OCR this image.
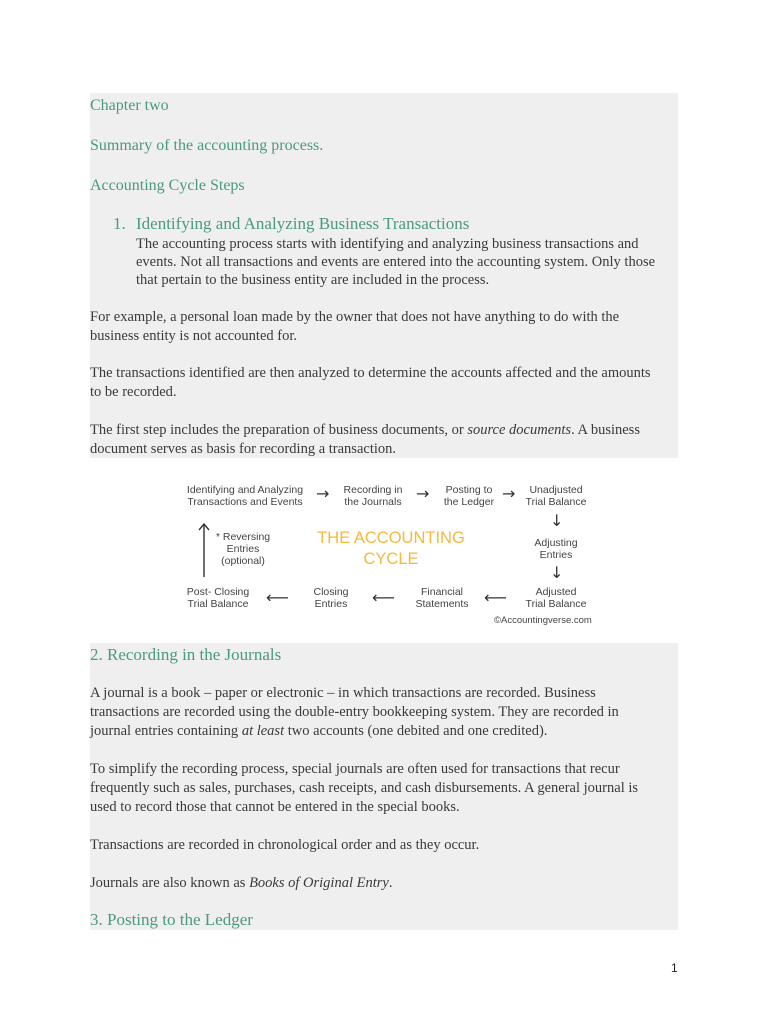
Chapter two
Summary of the accounting process.
Accounting Cycle Steps
1. Identifying and Analyzing Business Transactions
The accounting process starts with identifying and analyzing business transactions and
events. Not all transactions and events are entered into the accounting system. Only those
that pertain to the business entity are included in the process.
For example, a personal loan made by the owner that does not have anything to do with the
business entity is not accounted for.
The transactions identified are then analyzed to determine the accounts affected and the amounts
to be recorded.
The first step includes the preparation of business documents, or source documents. A business
document serves as basis for recording a transaction.
Identifying and Analyzing
Transactions and Events →	Recording in
the Journals →	Posting to
the Ledger →	Unadjusted
Trial Balance
↓
Adjusting
Entries
↓
Adjusted
Trial Balance
⟵
Financial
Statements
⟵
Closing
Entries
⟵
Post- Closing
Trial Balance
* Reversing
Entries
(optional)
THE ACCOUNTING
CYCLE
©Accountingverse.com
2. Recording in the Journals
A journal is a book – paper or electronic – in which transactions are recorded. Business
transactions are recorded using the double-entry bookkeeping system. They are recorded in
journal entries containing at least two accounts (one debited and one credited).
To simplify the recording process, special journals are often used for transactions that recur
frequently such as sales, purchases, cash receipts, and cash disbursements. A general journal is
used to record those that cannot be entered in the special books.
Transactions are recorded in chronological order and as they occur.
Journals are also known as Books of Original Entry.
3. Posting to the Ledger
1
